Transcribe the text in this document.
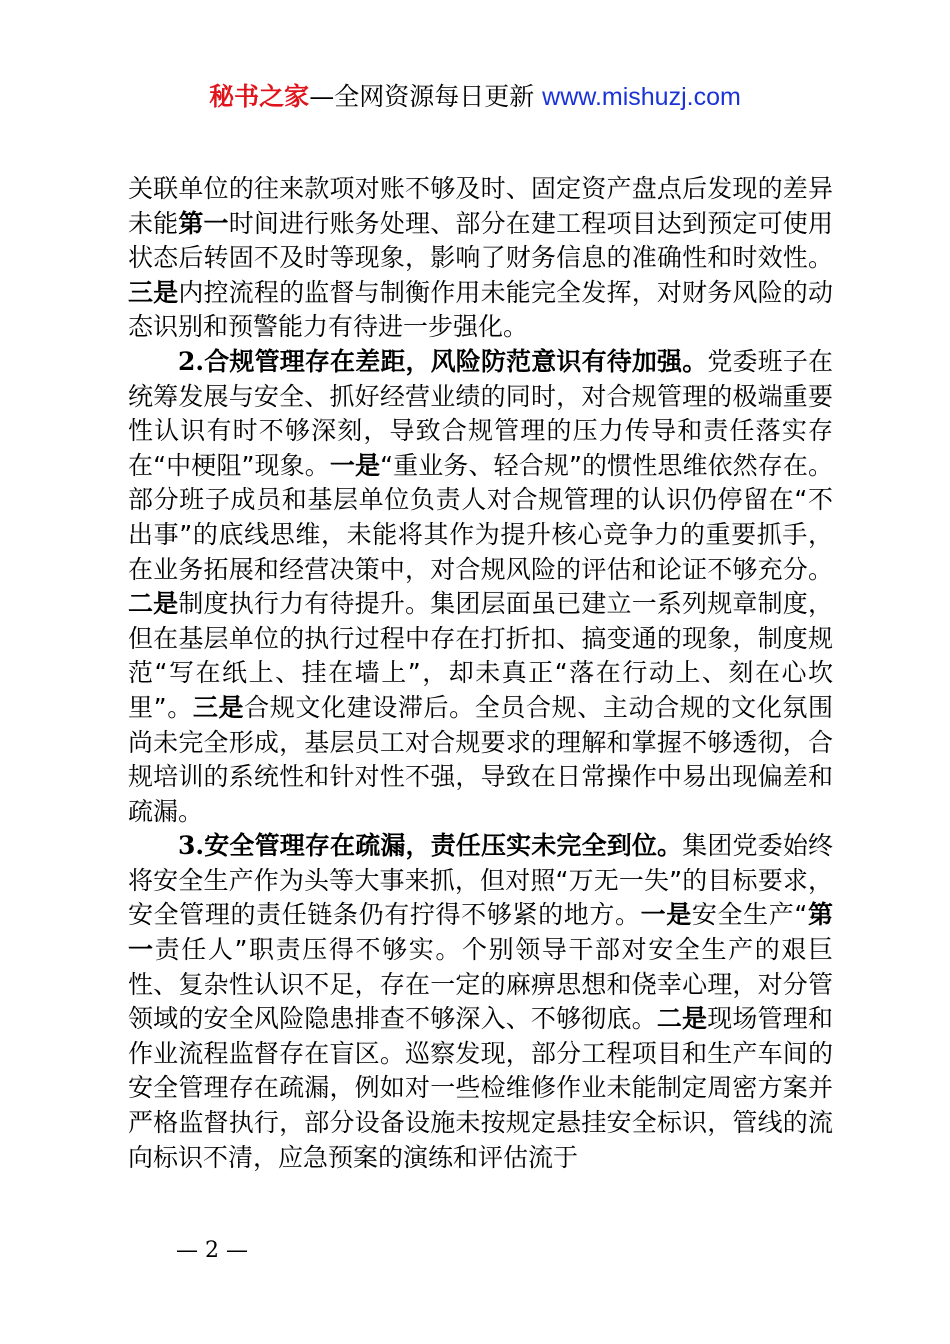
秘书之家—全网资源每日更新 www.mishuzj.com

关联单位的往来款项对账不够及时、固定资产盘点后发现的差异未能第一时间进行账务处理、部分在建工程项目达到预定可使用状态后转固不及时等现象，影响了财务信息的准确性和时效性。三是内控流程的监督与制衡作用未能完全发挥，对财务风险的动态识别和预警能力有待进一步强化。

2.合规管理存在差距，风险防范意识有待加强。党委班子在统筹发展与安全、抓好经营业绩的同时，对合规管理的极端重要性认识有时不够深刻，导致合规管理的压力传导和责任落实存在“中梗阻”现象。一是“重业务、轻合规”的惯性思维依然存在。部分班子成员和基层单位负责人对合规管理的认识仍停留在“不出事”的底线思维，未能将其作为提升核心竞争力的重要抓手，在业务拓展和经营决策中，对合规风险的评估和论证不够充分。二是制度执行力有待提升。集团层面虽已建立一系列规章制度，但在基层单位的执行过程中存在打折扣、搞变通的现象，制度规范“写在纸上、挂在墙上”，却未真正“落在行动上、刻在心坎里”。三是合规文化建设滞后。全员合规、主动合规的文化氛围尚未完全形成，基层员工对合规要求的理解和掌握不够透彻，合规培训的系统性和针对性不强，导致在日常操作中易出现偏差和疏漏。

3.安全管理存在疏漏，责任压实未完全到位。集团党委始终将安全生产作为头等大事来抓，但对照“万无一失”的目标要求，安全管理的责任链条仍有拧得不够紧的地方。一是安全生产“第一责任人”职责压得不够实。个别领导干部对安全生产的艰巨性、复杂性认识不足，存在一定的麻痹思想和侥幸心理，对分管领域的安全风险隐患排查不够深入、不够彻底。二是现场管理和作业流程监督存在盲区。巡察发现，部分工程项目和生产车间的安全管理存在疏漏，例如对一些检维修作业未能制定周密方案并严格监督执行，部分设备设施未按规定悬挂安全标识，管线的流向标识不清，应急预案的演练和评估流于

— 2 —
